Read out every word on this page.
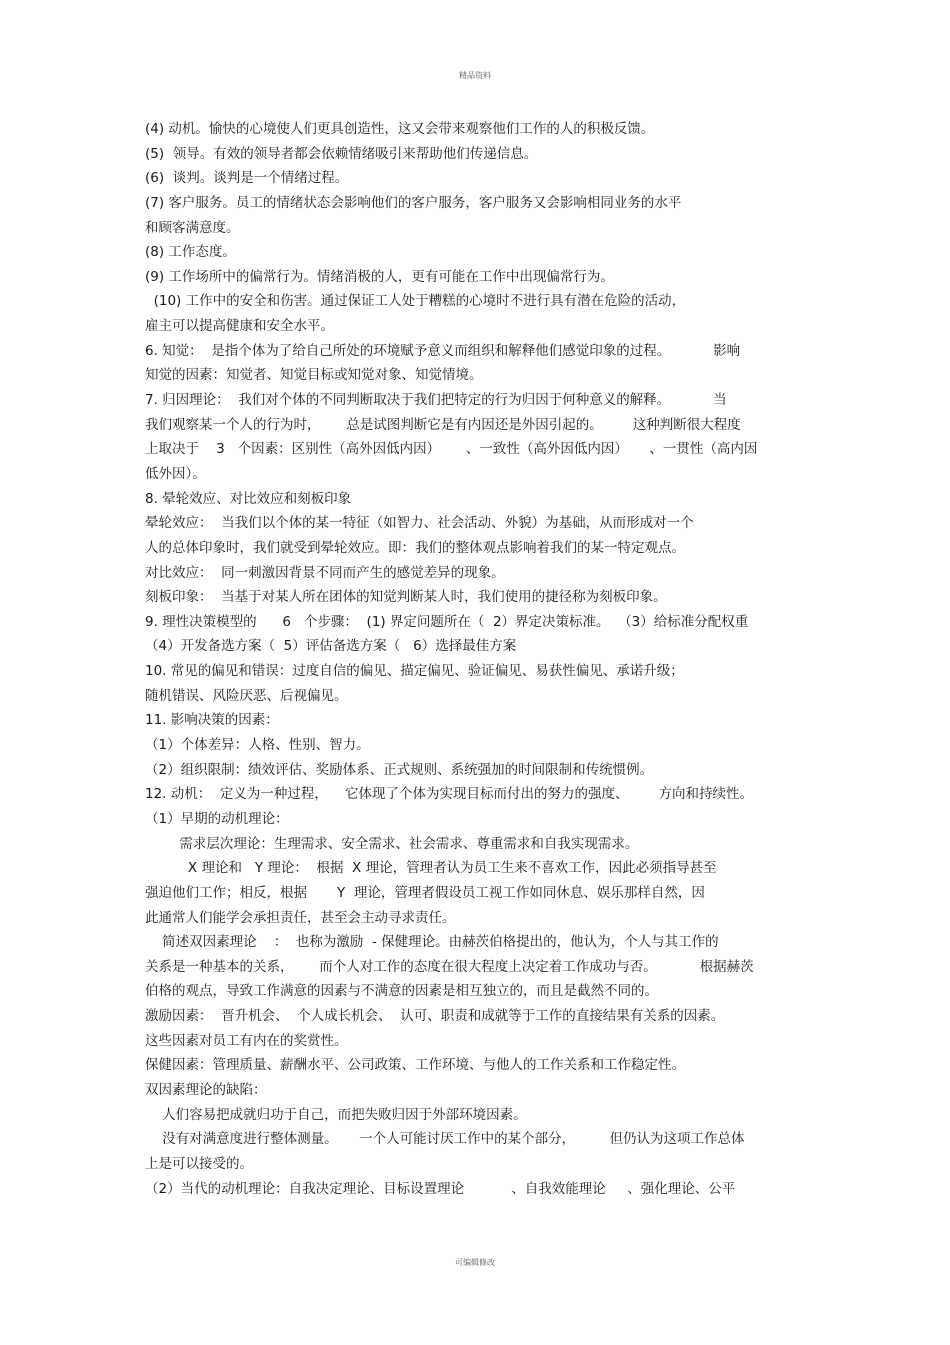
精品资料
(4) 动机。愉快的心境使人们更具创造性，这又会带来观察他们工作的人的积极反馈。
(5)  领导。有效的领导者都会依赖情绪吸引来帮助他们传递信息。
(6)  谈判。谈判是一个情绪过程。
(7) 客户服务。员工的情绪状态会影响他们的客户服务，客户服务又会影响相同业务的水平
和顾客满意度。
(8) 工作态度。
(9) 工作场所中的偏常行为。情绪消极的人，更有可能在工作中出现偏常行为。
(10) 工作中的安全和伤害。通过保证工人处于糟糕的心境时不进行具有潜在危险的活动，
雇主可以提高健康和安全水平。
6. 知觉：  是指个体为了给自己所处的环境赋予意义而组织和解释他们感觉印象的过程。          影响
知觉的因素：知觉者、知觉目标或知觉对象、知觉情境。
7. 归因理论：  我们对个体的不同判断取决于我们把特定的行为归因于何种意义的解释。          当
我们观察某一个人的行为时，      总是试图判断它是有内因还是外因引起的。       这种判断很大程度
上取决于    3   个因素：区别性（高外因低内因）      、一致性（高外因低内因）     、一贯性（高内因
低外因）。
8. 晕轮效应、对比效应和刻板印象
晕轮效应：  当我们以个体的某一特征（如智力、社会活动、外貌）为基础，从而形成对一个
人的总体印象时，我们就受到晕轮效应。即：我们的整体观点影响着我们的某一特定观点。
对比效应：  同一刺激因背景不同而产生的感觉差异的现象。
刻板印象：  当基于对某人所在团体的知觉判断某人时，我们使用的捷径称为刻板印象。
9. 理性决策模型的      6   个步骤：  (1) 界定问题所在（  2）界定决策标准。  （3）给标准分配权重
（4）开发备选方案（  5）评估备选方案（   6）选择最佳方案
10. 常见的偏见和错误：过度自信的偏见、描定偏见、验证偏见、易获性偏见、承诺升级；
随机错误、风险厌恶、后视偏见。
11. 影响决策的因素：
（1）个体差异：人格、性别、智力。
（2）组织限制：绩效评估、奖励体系、正式规则、系统强加的时间限制和传统惯例。
12. 动机：  定义为一种过程，    它体现了个体为实现目标而付出的努力的强度、       方向和持续性。
（1）早期的动机理论：
需求层次理论：生理需求、安全需求、社会需求、尊重需求和自我实现需求。
X 理论和   Y 理论：  根据  X 理论，管理者认为员工生来不喜欢工作，因此必须指导甚至
强迫他们工作；相反，根据       Y  理论，管理者假设员工视工作如同休息、娱乐那样自然，因
此通常人们能学会承担责任，甚至会主动寻求责任。
简述双因素理论    ：  也称为激励  - 保健理论。由赫茨伯格提出的，他认为，个人与其工作的
关系是一种基本的关系，      而个人对工作的态度在很大程度上决定着工作成功与否。          根据赫茨
伯格的观点，导致工作满意的因素与不满意的因素是相互独立的，而且是截然不同的。
激励因素：  晋升机会、  个人成长机会、  认可、职责和成就等于工作的直接结果有关系的因素。
这些因素对员工有内在的奖赏性。
保健因素：管理质量、薪酬水平、公司政策、工作环境、与他人的工作关系和工作稳定性。
双因素理论的缺陷：
人们容易把成就归功于自己，而把失败归因于外部环境因素。
没有对满意度进行整体测量。     一个人可能讨厌工作中的某个部分，        但仍认为这项工作总体
上是可以接受的。
（2）当代的动机理论：自我决定理论、目标设置理论           、自我效能理论     、强化理论、公平
可编辑修改
